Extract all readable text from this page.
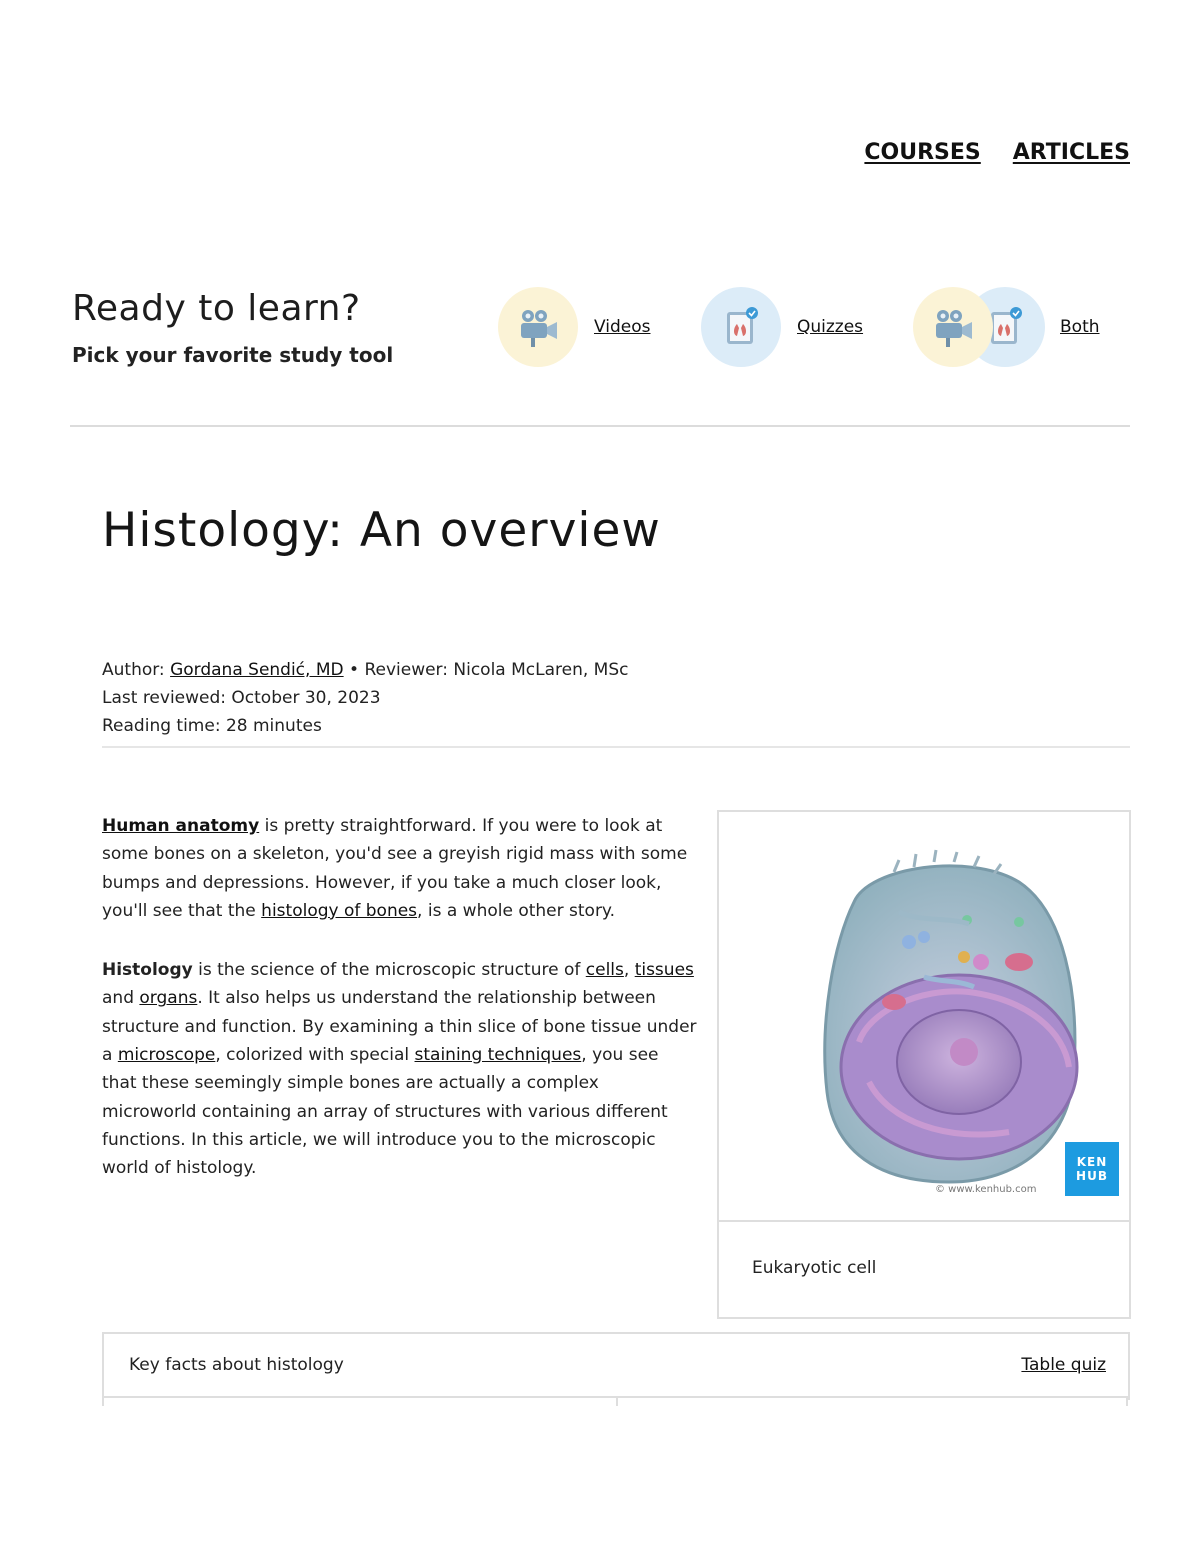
COURSES ARTICLES
Ready to learn?

Pick your favorite study tool

Videos	Quizzes	Both
Histology: An overview
Author: Gordana Sendić, MD • Reviewer: Nicola McLaren, MSc
Last reviewed: October 30, 2023
Reading time: 28 minutes

Human anatomy is pretty straightforward. If you were to look at some bones on a skeleton, you'd see a greyish rigid mass with some bumps and depressions. However, if you take a much closer look, you'll see that the histology of bones, is a whole other story.

Histology is the science of the microscopic structure of cells, tissues and organs. It also helps us understand the relationship between structure and function. By examining a thin slice of bone tissue under a microscope, colorized with special staining techniques, you see that these seemingly simple bones are actually a complex microworld containing an array of structures with various different functions. In this article, we will introduce you to the microscopic world of histology.	KEN
HUB
© www.kenhub.com
Eukaryotic cell
Key facts about histology	Table quiz
